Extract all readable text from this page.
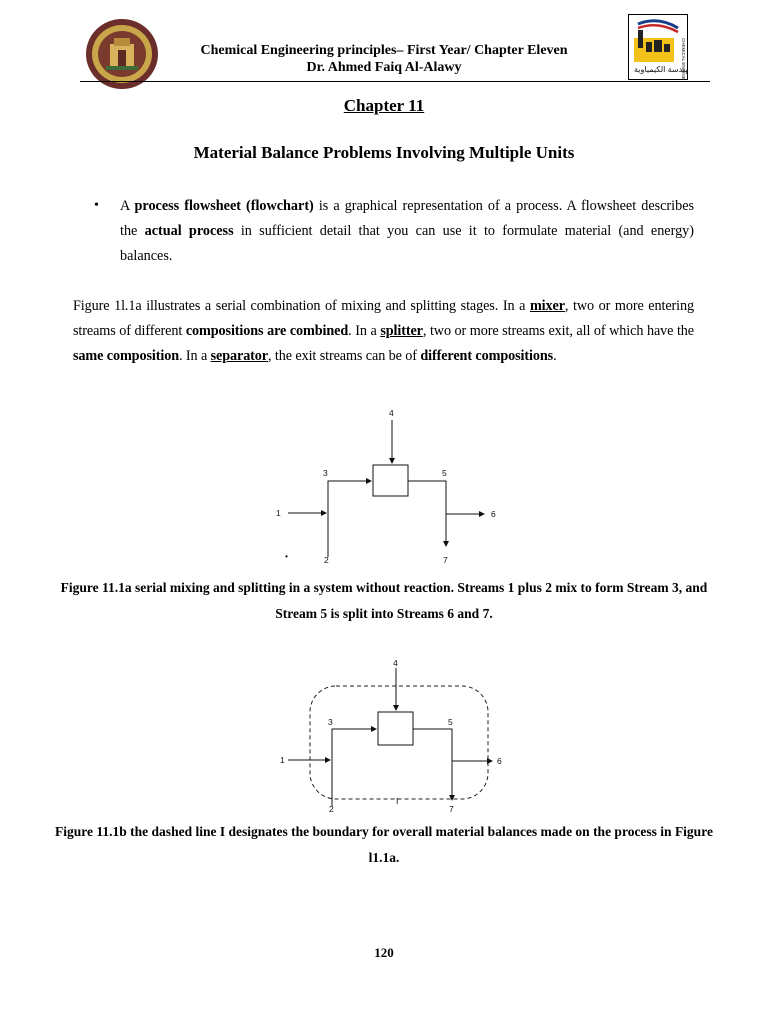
الهندسة الكيمياوية
CHEMICAL ENGINEERING
Chemical Engineering principles– First Year/ Chapter Eleven
Dr. Ahmed Faiq Al-Alawy
Chapter 11
Material Balance Problems Involving Multiple Units
• A process flowsheet (flowchart) is a graphical representation of a process. A flowsheet describes the actual process in sufficient detail that you can use it to formulate material (and energy) balances.
Figure 1l.1a illustrates a serial combination of mixing and splitting stages. In a mixer, two or more entering streams of different compositions are combined. In a splitter, two or more streams exit, all of which have the same composition. In a separator, the exit streams can be of different compositions.
4
3	5
1	6
2	7
•
Figure 11.1a serial mixing and splitting in a system without reaction. Streams 1 plus 2 mix to form Stream 3, and Stream 5 is split into Streams 6 and 7.
4
3	5
1	6
2	7
I
Figure 11.1b the dashed line I designates the boundary for overall material balances made on the process in Figure l1.1a.
120
